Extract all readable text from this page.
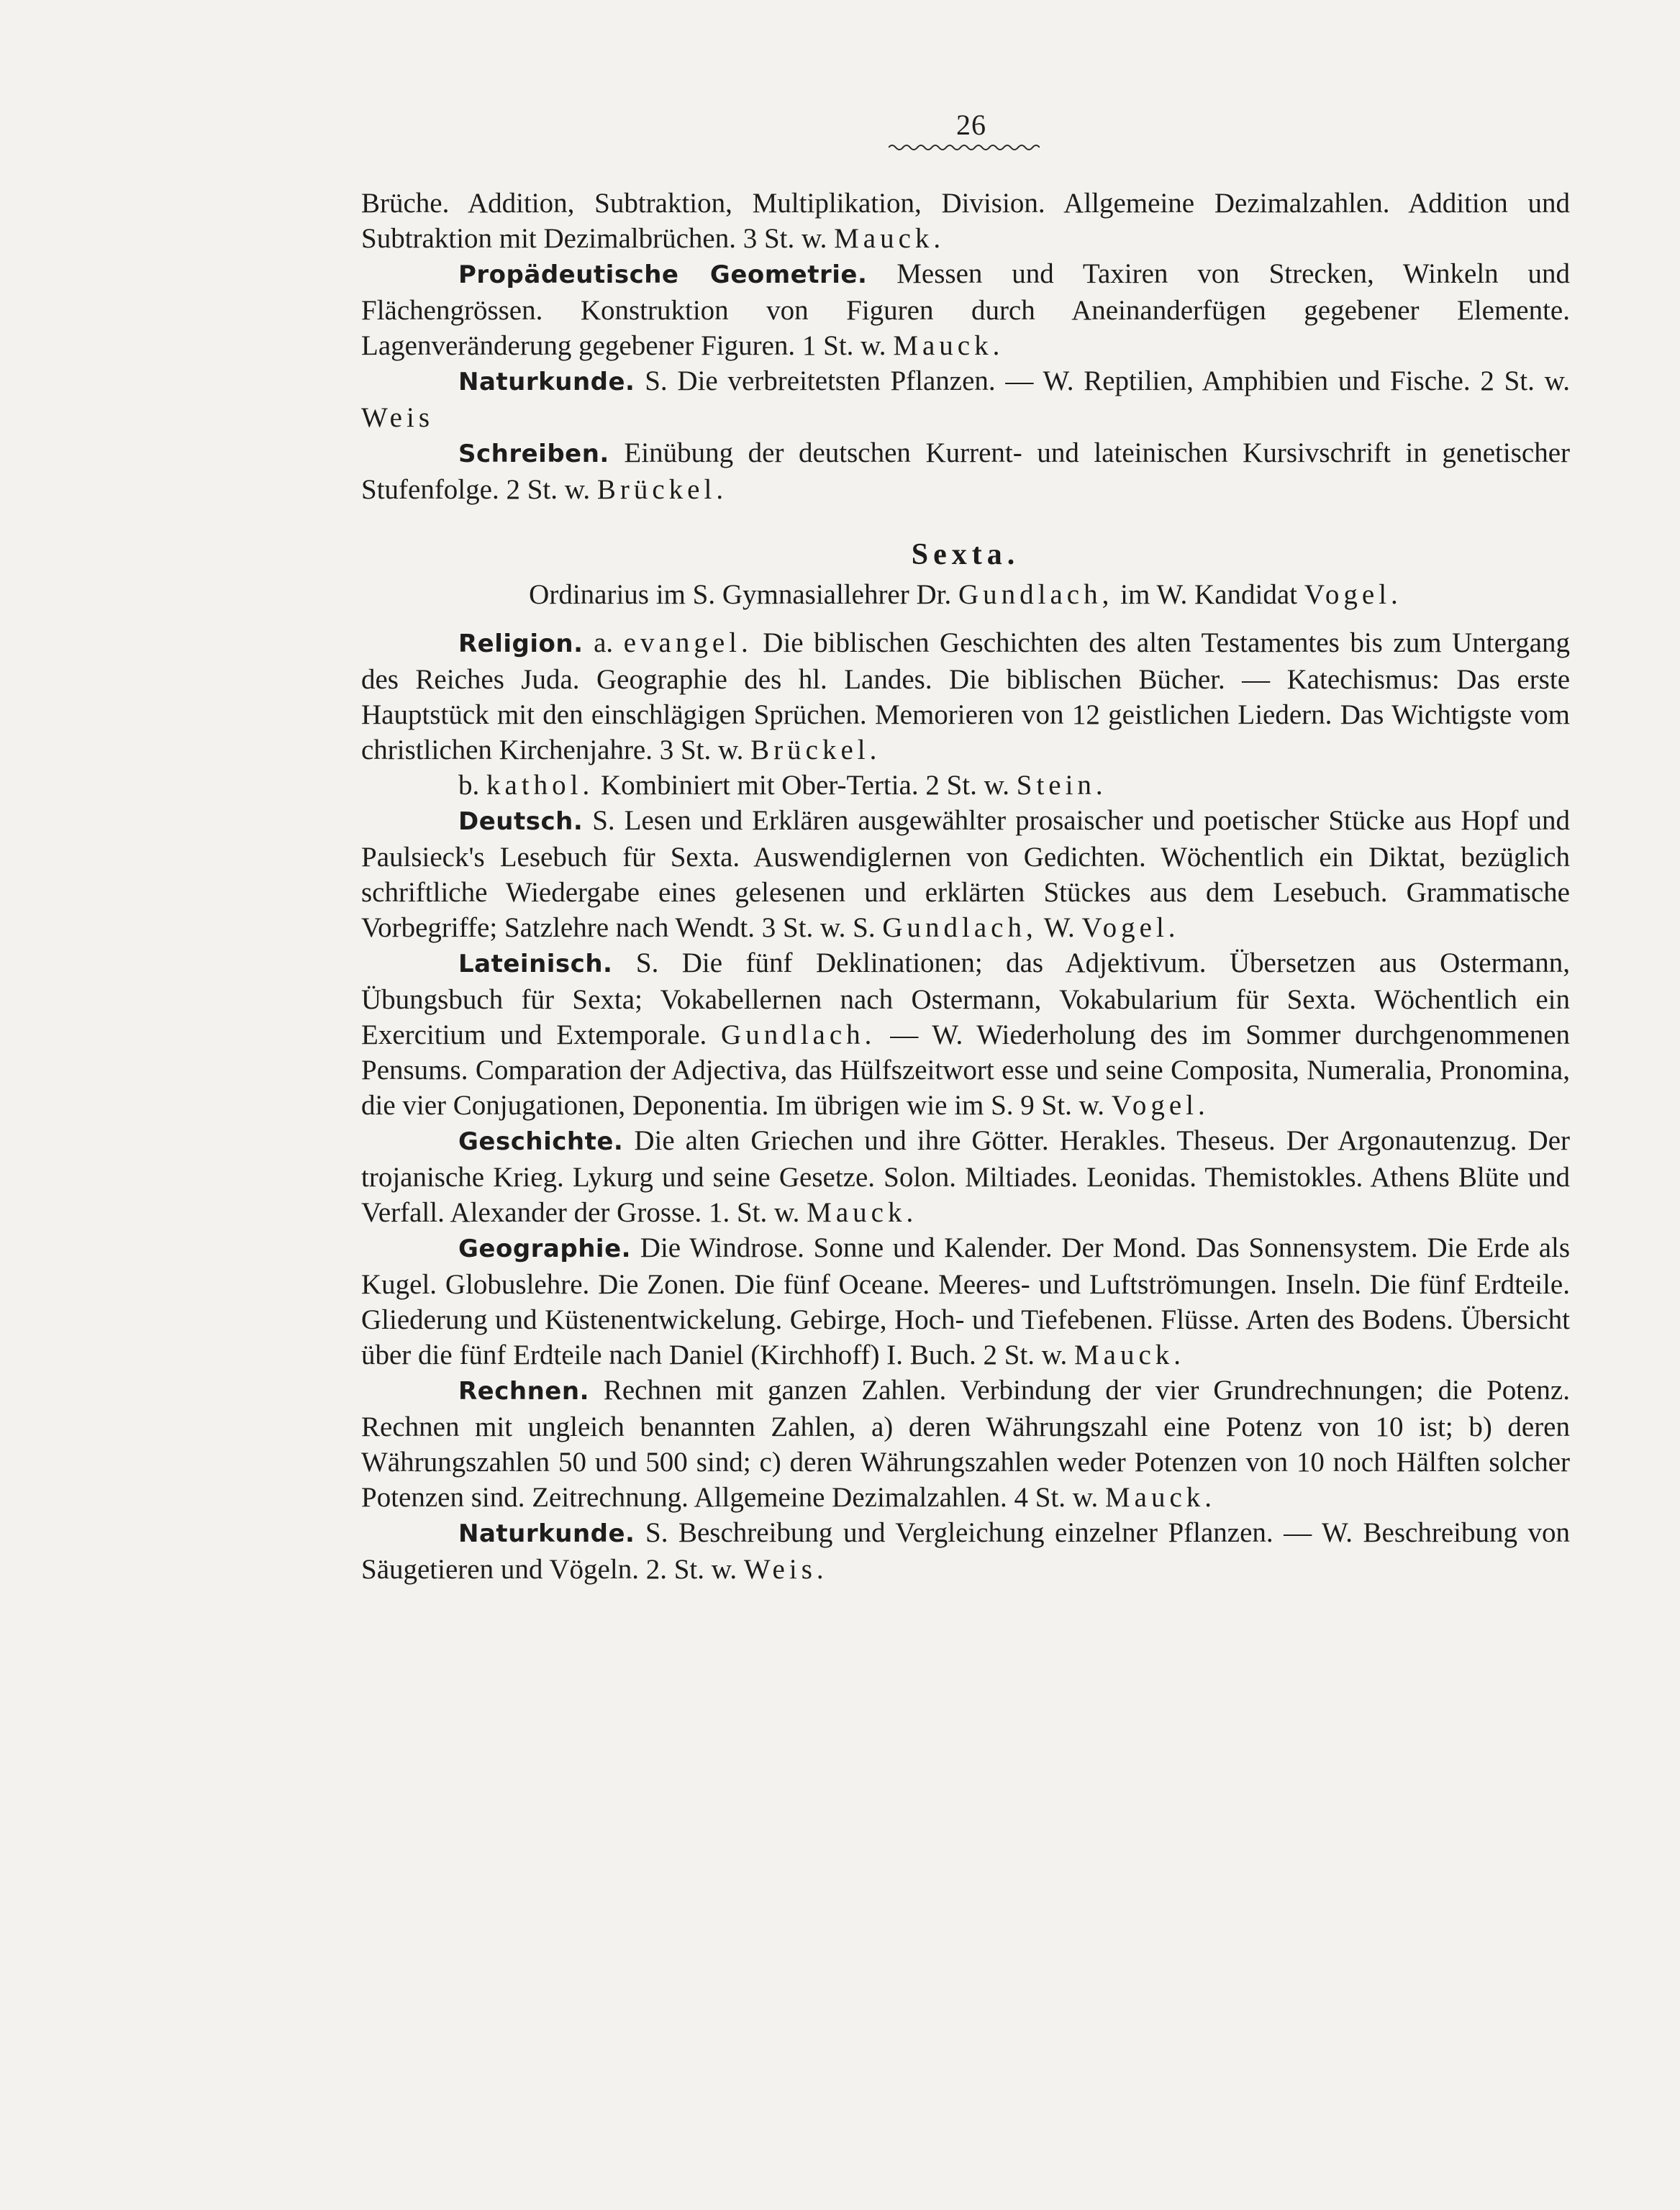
26

Brüche. Addition, Subtraktion, Multiplikation, Division. Allgemeine Dezimalzahlen. Addition und Subtraktion mit Dezimalbrüchen. 3 St. w. Mauck.

Propädeutische Geometrie. Messen und Taxiren von Strecken, Winkeln und Flächengrössen. Konstruktion von Figuren durch Aneinanderfügen gegebener Elemente. Lagenveränderung gegebener Figuren. 1 St. w. Mauck.

Naturkunde. S. Die verbreitetsten Pflanzen. — W. Reptilien, Amphibien und Fische. 2 St. w. Weis

Schreiben. Einübung der deutschen Kurrent- und lateinischen Kursivschrift in genetischer Stufenfolge. 2 St. w. Brückel.

Sexta.

Ordinarius im S. Gymnasiallehrer Dr. Gundlach, im W. Kandidat Vogel.

Religion. a. evangel. Die biblischen Geschichten des alten Testamentes bis zum Untergang des Reiches Juda. Geographie des hl. Landes. Die biblischen Bücher. — Katechismus: Das erste Hauptstück mit den einschlägigen Sprüchen. Memorieren von 12 geistlichen Liedern. Das Wichtigste vom christlichen Kirchenjahre. 3 St. w. Brückel.

b. kathol. Kombiniert mit Ober-Tertia. 2 St. w. Stein.

Deutsch. S. Lesen und Erklären ausgewählter prosaischer und poetischer Stücke aus Hopf und Paulsieck's Lesebuch für Sexta. Auswendiglernen von Gedichten. Wöchentlich ein Diktat, bezüglich schriftliche Wiedergabe eines gelesenen und erklärten Stückes aus dem Lesebuch. Grammatische Vorbegriffe; Satzlehre nach Wendt. 3 St. w. S. Gundlach, W. Vogel.

Lateinisch. S. Die fünf Deklinationen; das Adjektivum. Übersetzen aus Ostermann, Übungsbuch für Sexta; Vokabellernen nach Ostermann, Vokabularium für Sexta. Wöchentlich ein Exercitium und Extemporale. Gundlach. — W. Wiederholung des im Sommer durchgenommenen Pensums. Comparation der Adjectiva, das Hülfszeitwort esse und seine Composita, Numeralia, Pronomina, die vier Conjugationen, Deponentia. Im übrigen wie im S. 9 St. w. Vogel.

Geschichte. Die alten Griechen und ihre Götter. Herakles. Theseus. Der Argonautenzug. Der trojanische Krieg. Lykurg und seine Gesetze. Solon. Miltiades. Leonidas. Themistokles. Athens Blüte und Verfall. Alexander der Grosse. 1. St. w. Mauck.

Geographie. Die Windrose. Sonne und Kalender. Der Mond. Das Sonnensystem. Die Erde als Kugel. Globuslehre. Die Zonen. Die fünf Oceane. Meeres- und Luftströmungen. Inseln. Die fünf Erdteile. Gliederung und Küstenentwickelung. Gebirge, Hoch- und Tiefebenen. Flüsse. Arten des Bodens. Übersicht über die fünf Erdteile nach Daniel (Kirchhoff) I. Buch. 2 St. w. Mauck.

Rechnen. Rechnen mit ganzen Zahlen. Verbindung der vier Grundrechnungen; die Potenz. Rechnen mit ungleich benannten Zahlen, a) deren Währungszahl eine Potenz von 10 ist; b) deren Währungszahlen 50 und 500 sind; c) deren Währungszahlen weder Potenzen von 10 noch Hälften solcher Potenzen sind. Zeitrechnung. Allgemeine Dezimalzahlen. 4 St. w. Mauck.

Naturkunde. S. Beschreibung und Vergleichung einzelner Pflanzen. — W. Beschreibung von Säugetieren und Vögeln. 2. St. w. Weis.
